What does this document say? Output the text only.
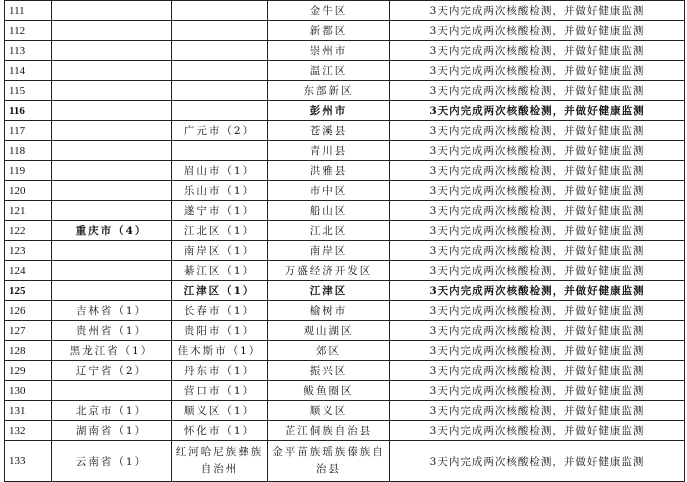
111			金牛区	3天内完成两次核酸检测，并做好健康监测
112			新都区	3天内完成两次核酸检测，并做好健康监测
113			崇州市	3天内完成两次核酸检测，并做好健康监测
114			温江区	3天内完成两次核酸检测，并做好健康监测
115			东部新区	3天内完成两次核酸检测，并做好健康监测
116			彭州市	3天内完成两次核酸检测，并做好健康监测
117		广元市（2）	苍溪县	3天内完成两次核酸检测，并做好健康监测
118			青川县	3天内完成两次核酸检测，并做好健康监测
119		眉山市（1）	洪雅县	3天内完成两次核酸检测，并做好健康监测
120		乐山市（1）	市中区	3天内完成两次核酸检测，并做好健康监测
121		遂宁市（1）	船山区	3天内完成两次核酸检测，并做好健康监测
122	重庆市（4）	江北区（1）	江北区	3天内完成两次核酸检测，并做好健康监测
123		南岸区（1）	南岸区	3天内完成两次核酸检测，并做好健康监测
124		綦江区（1）	万盛经济开发区	3天内完成两次核酸检测，并做好健康监测
125		江津区（1）	江津区	3天内完成两次核酸检测，并做好健康监测
126	吉林省（1）	长春市（1）	榆树市	3天内完成两次核酸检测，并做好健康监测
127	贵州省（1）	贵阳市（1）	观山湖区	3天内完成两次核酸检测，并做好健康监测
128	黑龙江省（1）	佳木斯市（1）	郊区	3天内完成两次核酸检测，并做好健康监测
129	辽宁省（2）	丹东市（1）	振兴区	3天内完成两次核酸检测，并做好健康监测
130		营口市（1）	鲅鱼圈区	3天内完成两次核酸检测，并做好健康监测
131	北京市（1）	顺义区（1）	顺义区	3天内完成两次核酸检测，并做好健康监测
132	湖南省（1）	怀化市（1）	芷江侗族自治县	3天内完成两次核酸检测，并做好健康监测
133	云南省（1）	红河哈尼族彝族自治州	金平苗族瑶族傣族自治县	3天内完成两次核酸检测，并做好健康监测
